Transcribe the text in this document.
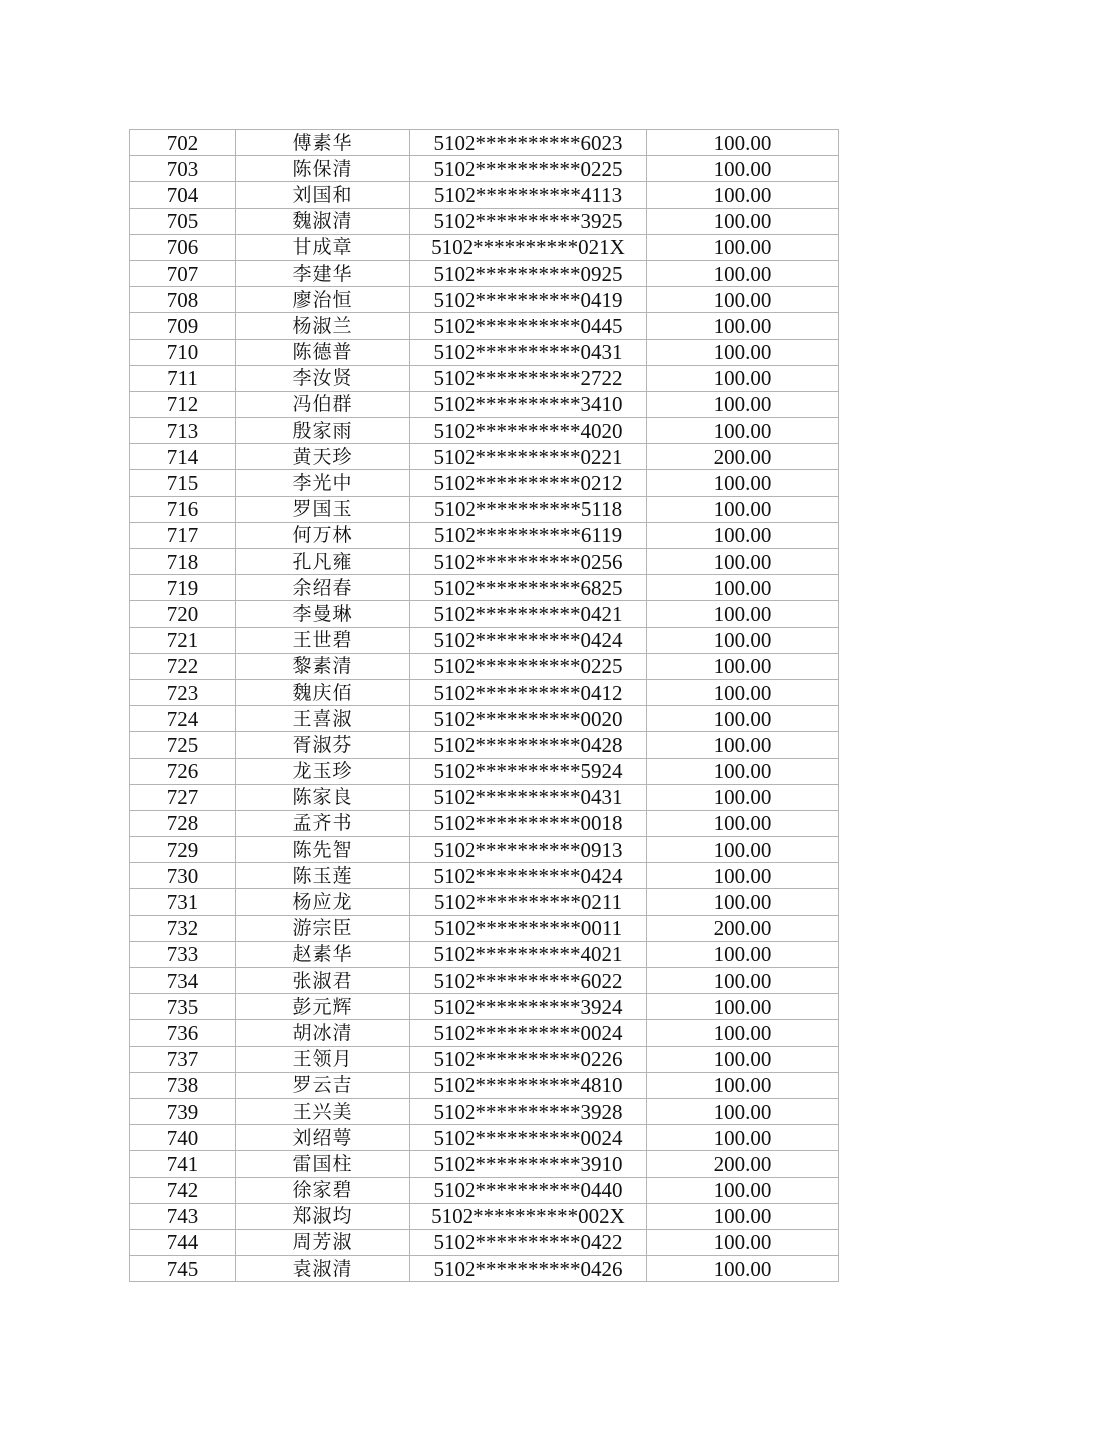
702	傅素华	5102**********6023	100.00
703	陈保清	5102**********0225	100.00
704	刘国和	5102**********4113	100.00
705	魏淑清	5102**********3925	100.00
706	甘成章	5102**********021X	100.00
707	李建华	5102**********0925	100.00
708	廖治恒	5102**********0419	100.00
709	杨淑兰	5102**********0445	100.00
710	陈德普	5102**********0431	100.00
711	李汝贤	5102**********2722	100.00
712	冯伯群	5102**********3410	100.00
713	殷家雨	5102**********4020	100.00
714	黄天珍	5102**********0221	200.00
715	李光中	5102**********0212	100.00
716	罗国玉	5102**********5118	100.00
717	何万林	5102**********6119	100.00
718	孔凡雍	5102**********0256	100.00
719	余绍春	5102**********6825	100.00
720	李曼琳	5102**********0421	100.00
721	王世碧	5102**********0424	100.00
722	黎素清	5102**********0225	100.00
723	魏庆佰	5102**********0412	100.00
724	王喜淑	5102**********0020	100.00
725	胥淑芬	5102**********0428	100.00
726	龙玉珍	5102**********5924	100.00
727	陈家良	5102**********0431	100.00
728	孟齐书	5102**********0018	100.00
729	陈先智	5102**********0913	100.00
730	陈玉莲	5102**********0424	100.00
731	杨应龙	5102**********0211	100.00
732	游宗臣	5102**********0011	200.00
733	赵素华	5102**********4021	100.00
734	张淑君	5102**********6022	100.00
735	彭元辉	5102**********3924	100.00
736	胡冰清	5102**********0024	100.00
737	王领月	5102**********0226	100.00
738	罗云吉	5102**********4810	100.00
739	王兴美	5102**********3928	100.00
740	刘绍萼	5102**********0024	100.00
741	雷国柱	5102**********3910	200.00
742	徐家碧	5102**********0440	100.00
743	郑淑均	5102**********002X	100.00
744	周芳淑	5102**********0422	100.00
745	袁淑清	5102**********0426	100.00
